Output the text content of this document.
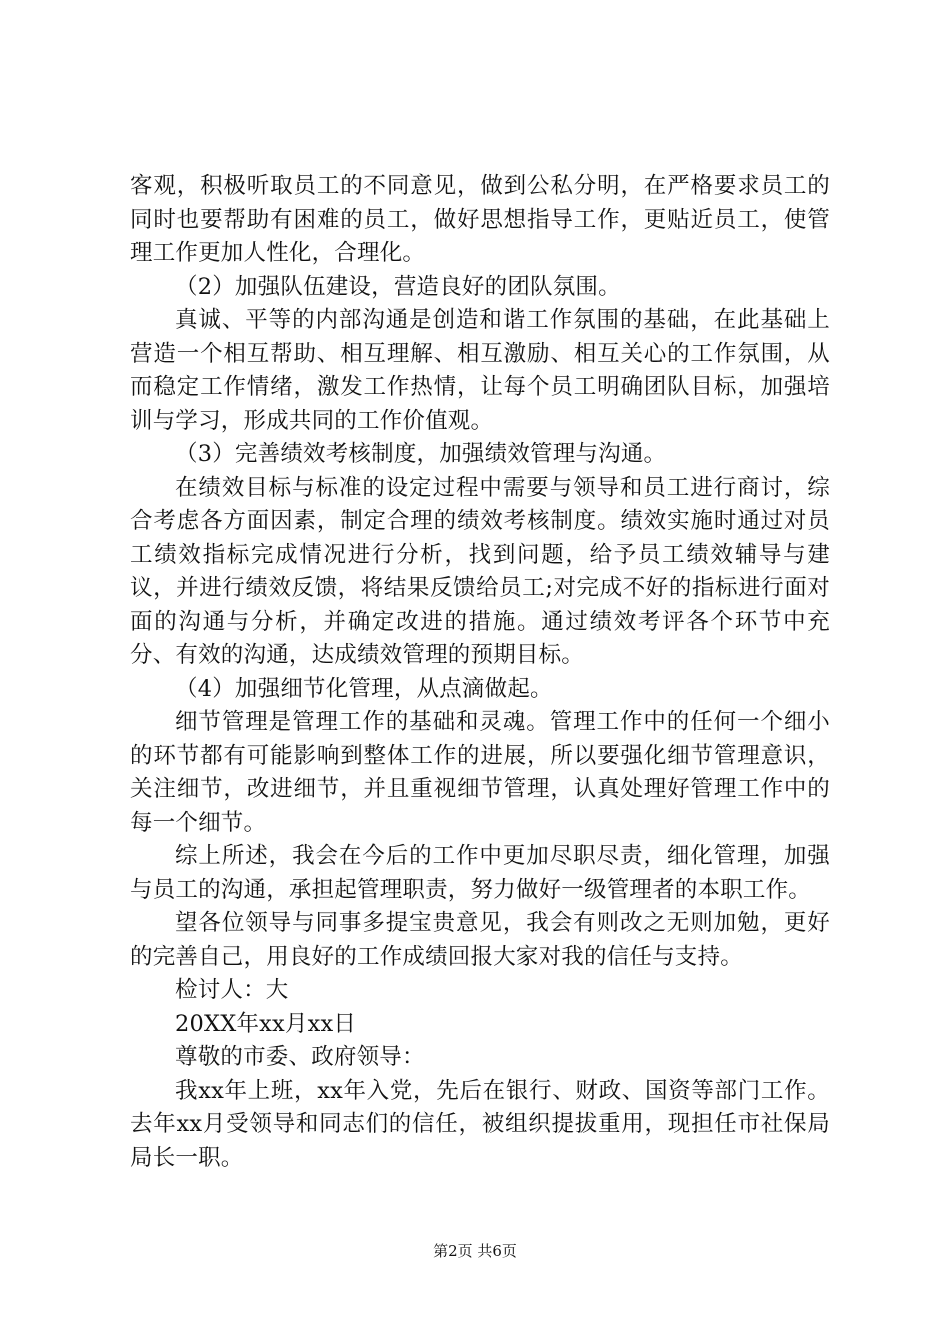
客观，积极听取员工的不同意见，做到公私分明，在严格要求员工的同时也要帮助有困难的员工，做好思想指导工作，更贴近员工，使管理工作更加人性化，合理化。

（2）加强队伍建设，营造良好的团队氛围。

真诚、平等的内部沟通是创造和谐工作氛围的基础，在此基础上营造一个相互帮助、相互理解、相互激励、相互关心的工作氛围，从而稳定工作情绪，激发工作热情，让每个员工明确团队目标，加强培训与学习，形成共同的工作价值观。

（3）完善绩效考核制度，加强绩效管理与沟通。

在绩效目标与标准的设定过程中需要与领导和员工进行商讨，综合考虑各方面因素，制定合理的绩效考核制度。绩效实施时通过对员工绩效指标完成情况进行分析，找到问题，给予员工绩效辅导与建议，并进行绩效反馈，将结果反馈给员工;对完成不好的指标进行面对面的沟通与分析，并确定改进的措施。通过绩效考评各个环节中充分、有效的沟通，达成绩效管理的预期目标。

（4）加强细节化管理，从点滴做起。

细节管理是管理工作的基础和灵魂。管理工作中的任何一个细小的环节都有可能影响到整体工作的进展，所以要强化细节管理意识，关注细节，改进细节，并且重视细节管理，认真处理好管理工作中的每一个细节。

综上所述，我会在今后的工作中更加尽职尽责，细化管理，加强与员工的沟通，承担起管理职责，努力做好一级管理者的本职工作。

望各位领导与同事多提宝贵意见，我会有则改之无则加勉，更好的完善自己，用良好的工作成绩回报大家对我的信任与支持。

检讨人：大

20XX年xx月xx日

尊敬的市委、政府领导：

我xx年上班，xx年入党，先后在银行、财政、国资等部门工作。去年xx月受领导和同志们的信任，被组织提拔重用，现担任市社保局局长一职。

第2页 共6页
